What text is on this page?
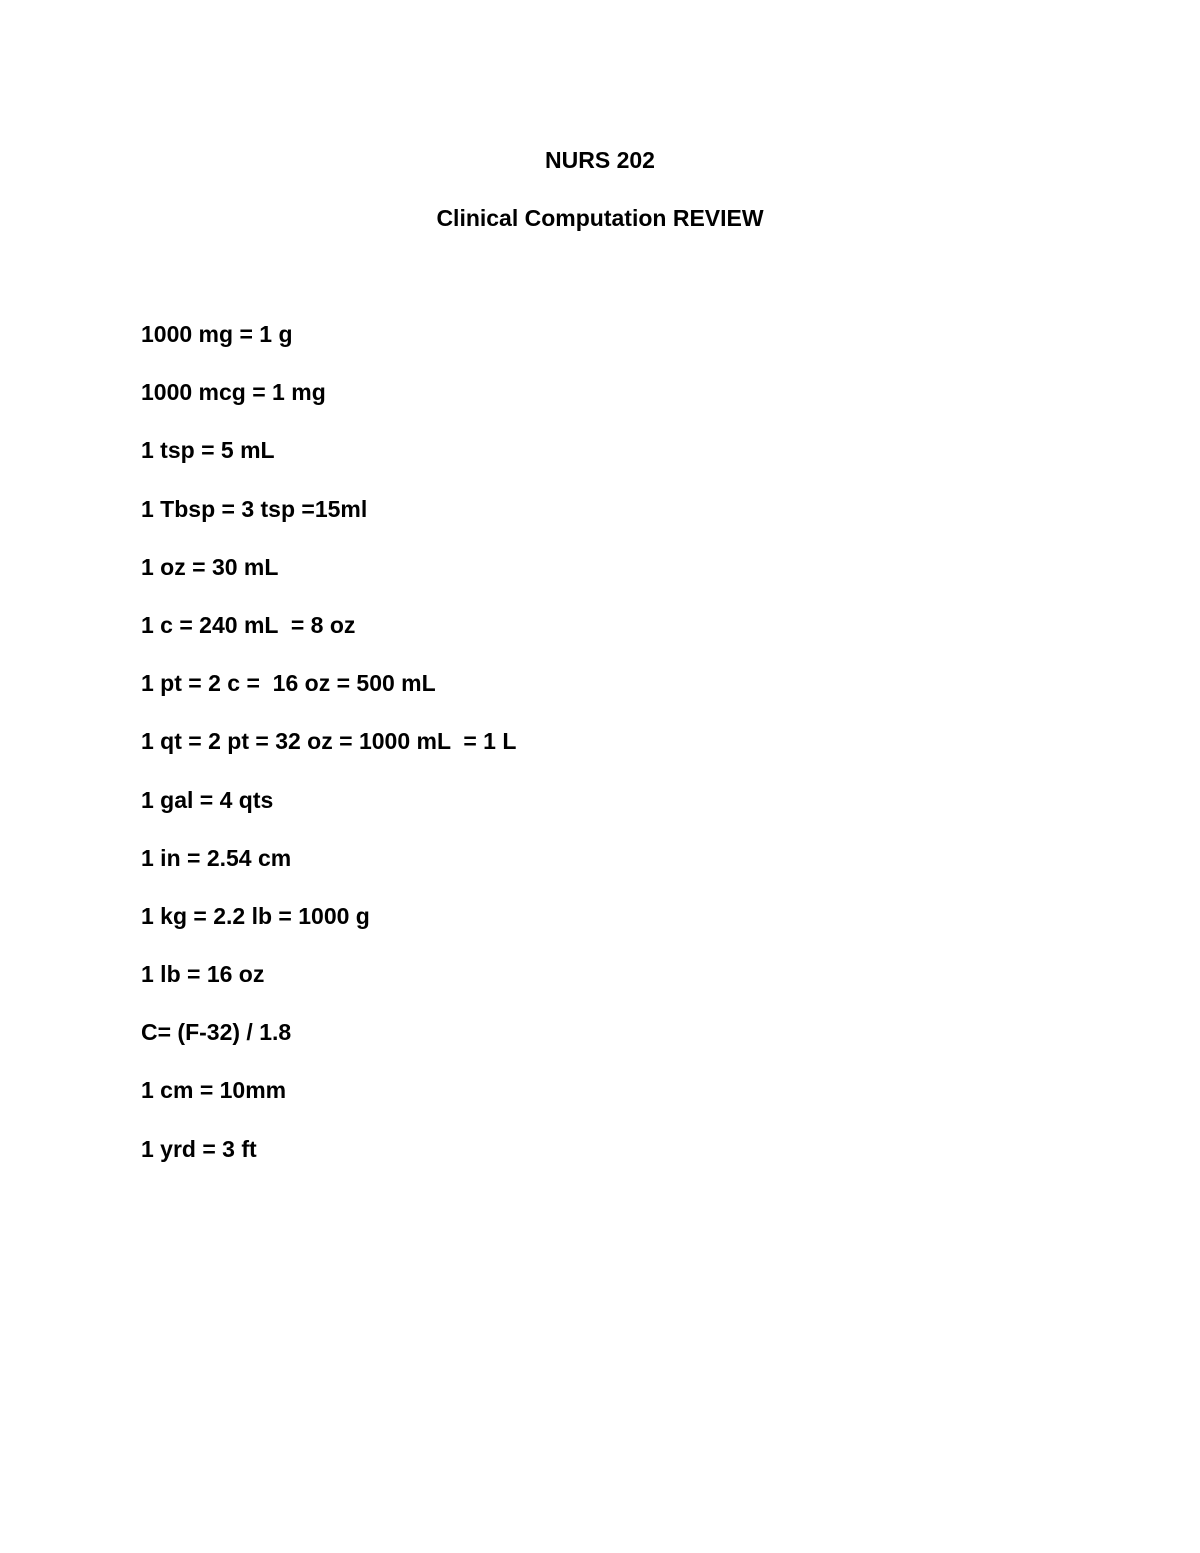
NURS 202
Clinical Computation REVIEW
1000 mg = 1 g
1000 mcg = 1 mg
1 tsp = 5 mL
1 Tbsp = 3 tsp =15ml
1 oz = 30 mL
1 c = 240 mL  = 8 oz
1 pt = 2 c =  16 oz = 500 mL
1 qt = 2 pt = 32 oz = 1000 mL  = 1 L
1 gal = 4 qts
1 in = 2.54 cm
1 kg = 2.2 lb = 1000 g
1 lb = 16 oz
C= (F-32) / 1.8
1 cm = 10mm
1 yrd = 3 ft
